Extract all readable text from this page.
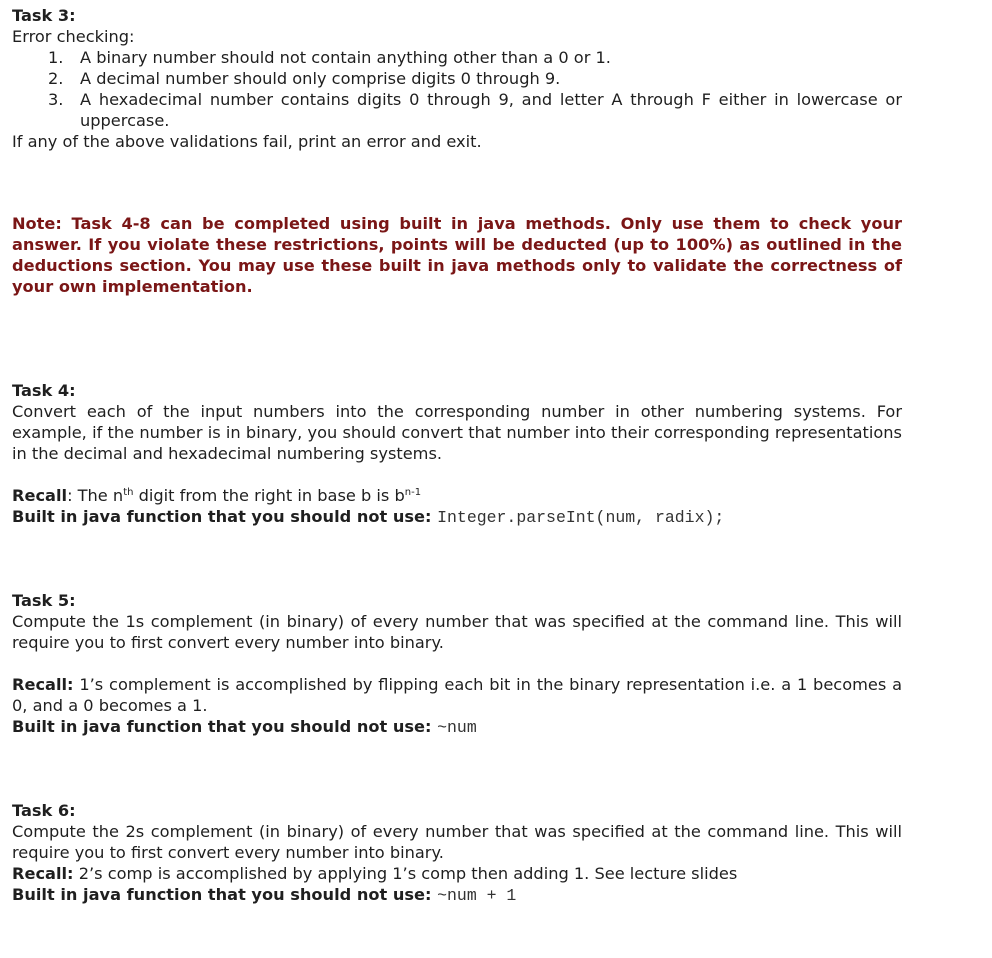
Task 3:
Error checking:
1. A binary number should not contain anything other than a 0 or 1.
2. A decimal number should only comprise digits 0 through 9.
3. A hexadecimal number contains digits 0 through 9, and letter A through F either in lowercase or uppercase.
If any of the above validations fail, print an error and exit.
Note: Task 4-8 can be completed using built in java methods. Only use them to check your answer. If you violate these restrictions, points will be deducted (up to 100%) as outlined in the deductions section. You may use these built in java methods only to validate the correctness of your own implementation.
Task 4:
Convert each of the input numbers into the corresponding number in other numbering systems. For example, if the number is in binary, you should convert that number into their corresponding representations in the decimal and hexadecimal numbering systems.
Recall: The $n^{th}$ digit from the right in base b is $b^{n-1}$
Built in java function that you should not use: Integer.parseInt(num, radix);
Task 5:
Compute the 1s complement (in binary) of every number that was specified at the command line. This will require you to first convert every number into binary.
Recall: 1’s complement is accomplished by flipping each bit in the binary representation i.e. a 1 becomes a 0, and a 0 becomes a 1.
Built in java function that you should not use: ~num
Task 6:
Compute the 2s complement (in binary) of every number that was specified at the command line. This will require you to first convert every number into binary.
Recall: 2’s comp is accomplished by applying 1’s comp then adding 1. See lecture slides
Built in java function that you should not use: ~num + 1
